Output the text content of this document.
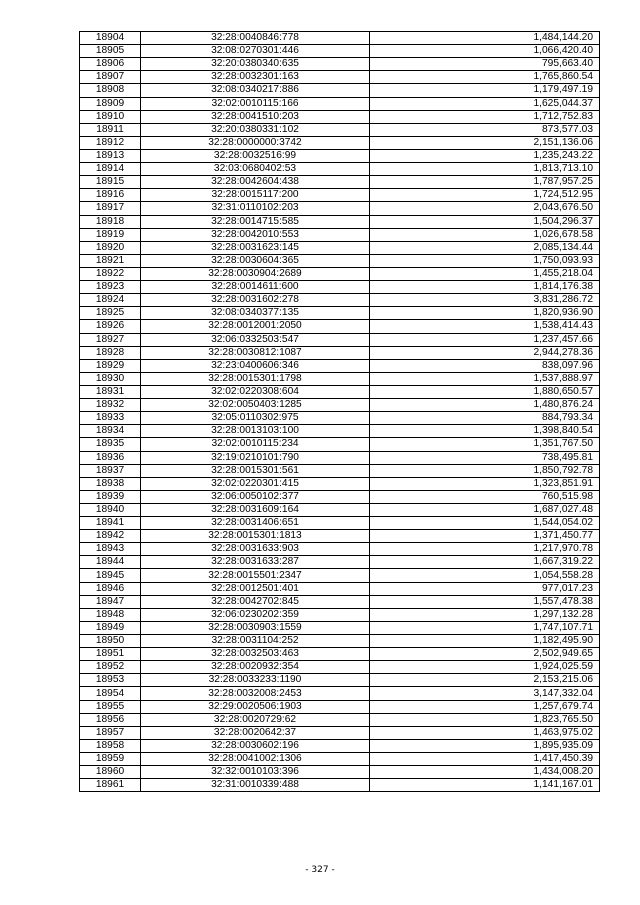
18904	32:28:0040846:778	1,484,144.20
18905	32:08:0270301:446	1,066,420.40
18906	32:20:0380340:635	795,663.40
18907	32:28:0032301:163	1,765,860.54
18908	32:08:0340217:886	1,179,497.19
18909	32:02:0010115:166	1,625,044.37
18910	32:28:0041510:203	1,712,752.83
18911	32:20:0380331:102	873,577.03
18912	32:28:0000000:3742	2,151,136.06
18913	32:28:0032516:99	1,235,243.22
18914	32:03:0680402:53	1,813,713.10
18915	32:28:0042604:438	1,787,957.25
18916	32:28:0015117:200	1,724,512.95
18917	32:31:0110102:203	2,043,676.50
18918	32:28:0014715:585	1,504,296.37
18919	32:28:0042010:553	1,026,678.58
18920	32:28:0031623:145	2,085,134.44
18921	32:28:0030604:365	1,750,093.93
18922	32:28:0030904:2689	1,455,218.04
18923	32:28:0014611:600	1,814,176.38
18924	32:28:0031602:278	3,831,286.72
18925	32:08:0340377:135	1,820,936.90
18926	32:28:0012001:2050	1,538,414.43
18927	32:06:0332503:547	1,237,457.66
18928	32:28:0030812:1087	2,944,278.36
18929	32:23:0400606:346	838,097.96
18930	32:28:0015301:1798	1,537,888.97
18931	32:02:0220308:604	1,880,650.57
18932	32:02:0050403:1285	1,480,876.24
18933	32:05:0110302:975	884,793.34
18934	32:28:0013103:100	1,398,840.54
18935	32:02:0010115:234	1,351,767.50
18936	32:19:0210101:790	738,495.81
18937	32:28:0015301:561	1,850,792.78
18938	32:02:0220301:415	1,323,851.91
18939	32:06:0050102:377	760,515.98
18940	32:28:0031609:164	1,687,027.48
18941	32:28:0031406:651	1,544,054.02
18942	32:28:0015301:1813	1,371,450.77
18943	32:28:0031633:903	1,217,970.78
18944	32:28:0031633:287	1,667,319.22
18945	32:28:0015501:2347	1,054,558.28
18946	32:28:0012501:401	977,017.23
18947	32:28:0042702:845	1,557,478.38
18948	32:06:0230202:359	1,297,132.28
18949	32:28:0030903:1559	1,747,107.71
18950	32:28:0031104:252	1,182,495.90
18951	32:28:0032503:463	2,502,949.65
18952	32:28:0020932:354	1,924,025.59
18953	32:28:0033233:1190	2,153,215.06
18954	32:28:0032008:2453	3,147,332.04
18955	32:29:0020506:1903	1,257,679.74
18956	32:28:0020729:62	1,823,765.50
18957	32:28:0020642:37	1,463,975.02
18958	32:28:0030602:196	1,895,935.09
18959	32:28:0041002:1306	1,417,450.39
18960	32:32:0010103:396	1,434,008.20
18961	32:31:0010339:488	1,141,167.01
- 327 -
